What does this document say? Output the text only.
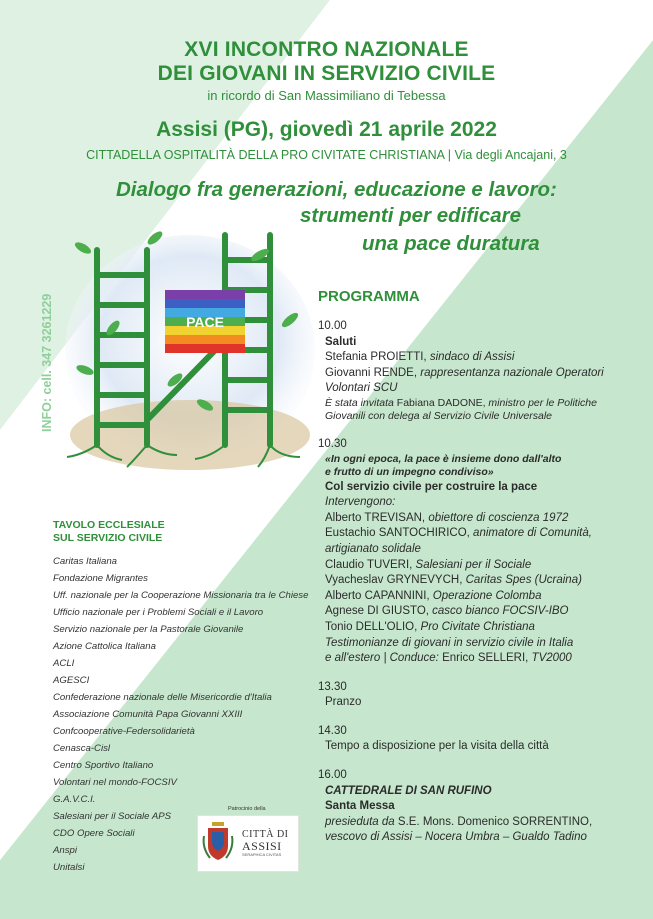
XVI INCONTRO NAZIONALE
DEI GIOVANI IN SERVIZIO CIVILE
in ricordo di San Massimiliano di Tebessa
Assisi (PG), giovedì 21 aprile 2022
CITTADELLA OSPITALITÀ DELLA PRO CIVITATE CHRISTIANA | Via degli Ancajani, 3
Dialogo fra generazioni, educazione e lavoro:
strumenti per edificare
una pace duratura
PACE
INFO: cell. 347 3261229	PROGRAMMA
10.00
Saluti
Stefania PROIETTI, sindaco di Assisi
Giovanni RENDE, rappresentanza nazionale Operatori
Volontari SCU
È stata invitata Fabiana DADONE, ministro per le Politiche
Giovanili con delega al Servizio Civile Universale
10.30
«In ogni epoca, la pace è insieme dono dall'alto
e frutto di un impegno condiviso»
Col servizio civile per costruire la pace
Intervengono:
Alberto TREVISAN, obiettore di coscienza 1972
Eustachio SANTOCHIRICO, animatore di Comunità,
artigianato solidale
Claudio TUVERI, Salesiani per il Sociale
Vyacheslav GRYNEVYCH, Caritas Spes (Ucraina)
Alberto CAPANNINI, Operazione Colomba
Agnese DI GIUSTO, casco bianco FOCSIV-IBO
Tonio DELL'OLIO, Pro Civitate Christiana
Testimonianze di giovani in servizio civile in Italia
e all'estero | Conduce: Enrico SELLERI, TV2000
13.30
Pranzo
14.30
Tempo a disposizione per la visita della città
16.00
CATTEDRALE DI SAN RUFINO
Santa Messa
presieduta da S.E. Mons. Domenico SORRENTINO,
vescovo di Assisi – Nocera Umbra – Gualdo Tadino
TAVOLO ECCLESIALE
SUL SERVIZIO CIVILE
Caritas Italiana
Fondazione Migrantes
Uff. nazionale per la Cooperazione Missionaria tra le Chiese
Ufficio nazionale per i Problemi Sociali e il Lavoro
Servizio nazionale per la Pastorale Giovanile
Azione Cattolica Italiana
ACLI
AGESCI
Confederazione nazionale delle Misericordie d'Italia
Associazione Comunità Papa Giovanni XXIII
Confcooperative-Federsolidarietà
Cenasca-Cisl
Centro Sportivo Italiano
Volontari nel mondo-FOCSIV
G.A.V.C.I.
Salesiani per il Sociale APS
CDO Opere Sociali
Anspi
Unitalsi
Patrocinio della
CITTÀ DI
ASSISI
SERAPHICA CIVITAS
